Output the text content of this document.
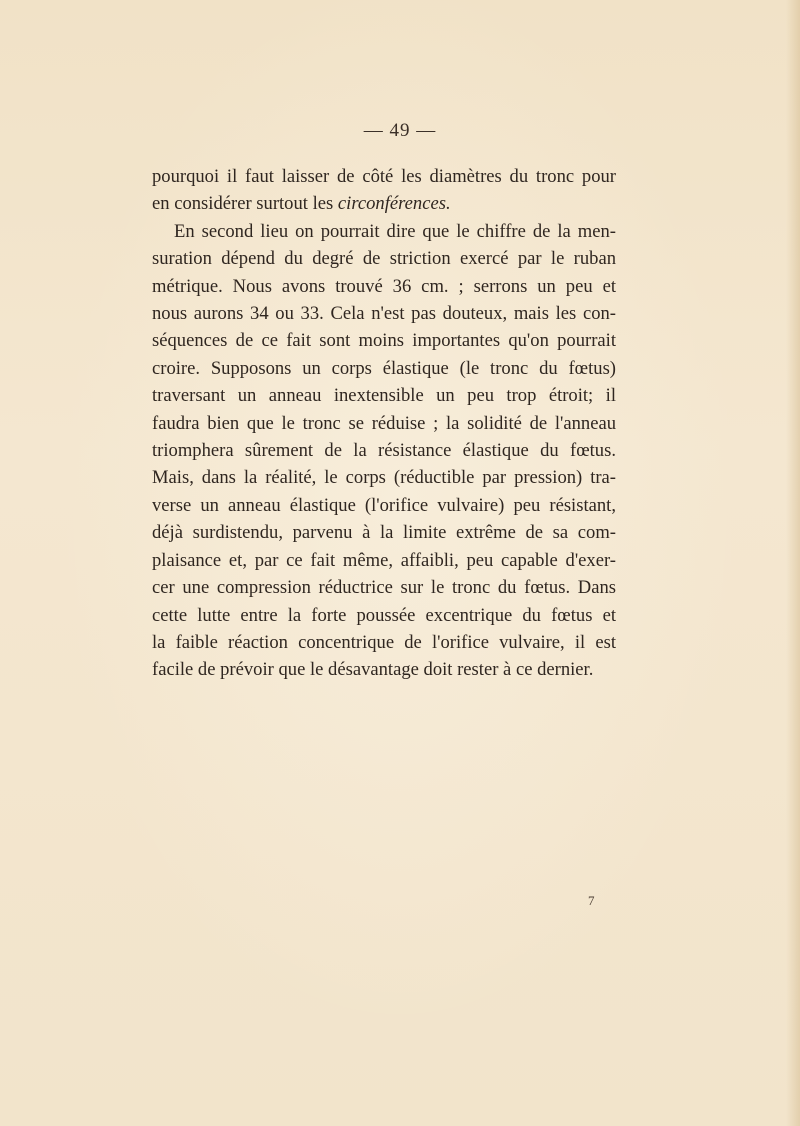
— 49 —
pourquoi il faut laisser de côté les diamètres du tronc pour
en considérer surtout les circonférences.
En second lieu on pourrait dire que le chiffre de la men-
suration dépend du degré de striction exercé par le ruban
métrique. Nous avons trouvé 36 cm. ; serrons un peu et
nous aurons 34 ou 33. Cela n'est pas douteux, mais les con-
séquences de ce fait sont moins importantes qu'on pourrait
croire. Supposons un corps élastique (le tronc du fœtus)
traversant un anneau inextensible un peu trop étroit; il
faudra bien que le tronc se réduise ; la solidité de l'anneau
triomphera sûrement de la résistance élastique du fœtus.
Mais, dans la réalité, le corps (réductible par pression) tra-
verse un anneau élastique (l'orifice vulvaire) peu résistant,
déjà surdistendu, parvenu à la limite extrême de sa com-
plaisance et, par ce fait même, affaibli, peu capable d'exer-
cer une compression réductrice sur le tronc du fœtus. Dans
cette lutte entre la forte poussée excentrique du fœtus et
la faible réaction concentrique de l'orifice vulvaire, il est
facile de prévoir que le désavantage doit rester à ce dernier.
7
